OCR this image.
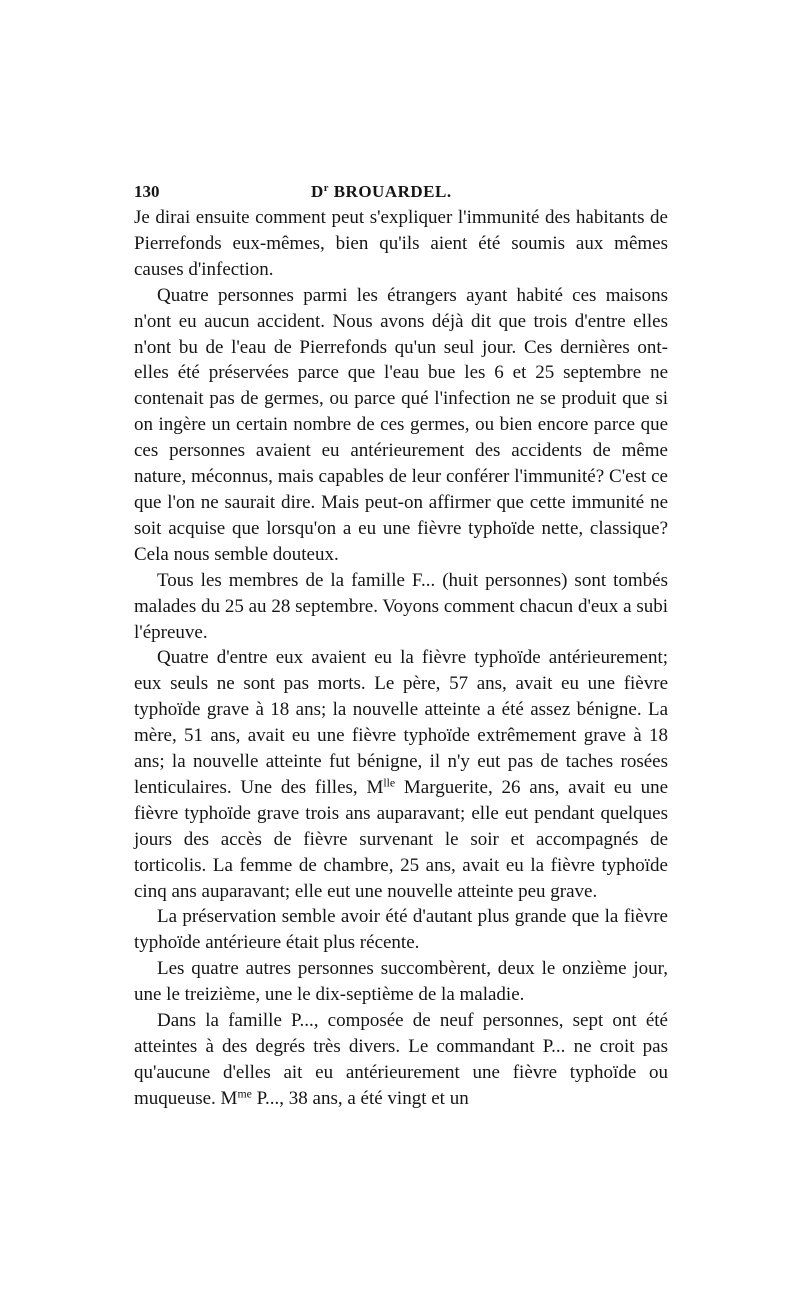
130	$D^r$ BROUARDEL.

Je dirai ensuite comment peut s'expliquer l'immunité des habitants de Pierrefonds eux-mêmes, bien qu'ils aient été soumis aux mêmes causes d'infection.

Quatre personnes parmi les étrangers ayant habité ces maisons n'ont eu aucun accident. Nous avons déjà dit que trois d'entre elles n'ont bu de l'eau de Pierrefonds qu'un seul jour. Ces dernières ont-elles été préservées parce que l'eau bue les 6 et 25 septembre ne contenait pas de germes, ou parce qué l'infection ne se produit que si on ingère un certain nombre de ces germes, ou bien encore parce que ces personnes avaient eu antérieurement des accidents de même nature, méconnus, mais capables de leur conférer l'immunité? C'est ce que l'on ne saurait dire. Mais peut-on affirmer que cette immunité ne soit acquise que lorsqu'on a eu une fièvre typhoïde nette, classique? Cela nous semble douteux.

Tous les membres de la famille F... (huit personnes) sont tombés malades du 25 au 28 septembre. Voyons comment chacun d'eux a subi l'épreuve.

Quatre d'entre eux avaient eu la fièvre typhoïde antérieurement; eux seuls ne sont pas morts. Le père, 57 ans, avait eu une fièvre typhoïde grave à 18 ans; la nouvelle atteinte a été assez bénigne. La mère, 51 ans, avait eu une fièvre typhoïde extrêmement grave à 18 ans; la nouvelle atteinte fut bénigne, il n'y eut pas de taches rosées lenticulaires. Une des filles, $M^{lle}$ Marguerite, 26 ans, avait eu une fièvre typhoïde grave trois ans auparavant; elle eut pendant quelques jours des accès de fièvre survenant le soir et accompagnés de torticolis. La femme de chambre, 25 ans, avait eu la fièvre typhoïde cinq ans auparavant; elle eut une nouvelle atteinte peu grave.

La préservation semble avoir été d'autant plus grande que la fièvre typhoïde antérieure était plus récente.

Les quatre autres personnes succombèrent, deux le onzième jour, une le treizième, une le dix-septième de la maladie.

Dans la famille P..., composée de neuf personnes, sept ont été atteintes à des degrés très divers. Le commandant P... ne croit pas qu'aucune d'elles ait eu antérieurement une fièvre typhoïde ou muqueuse. $M^{me}$ P..., 38 ans, a été vingt et un
